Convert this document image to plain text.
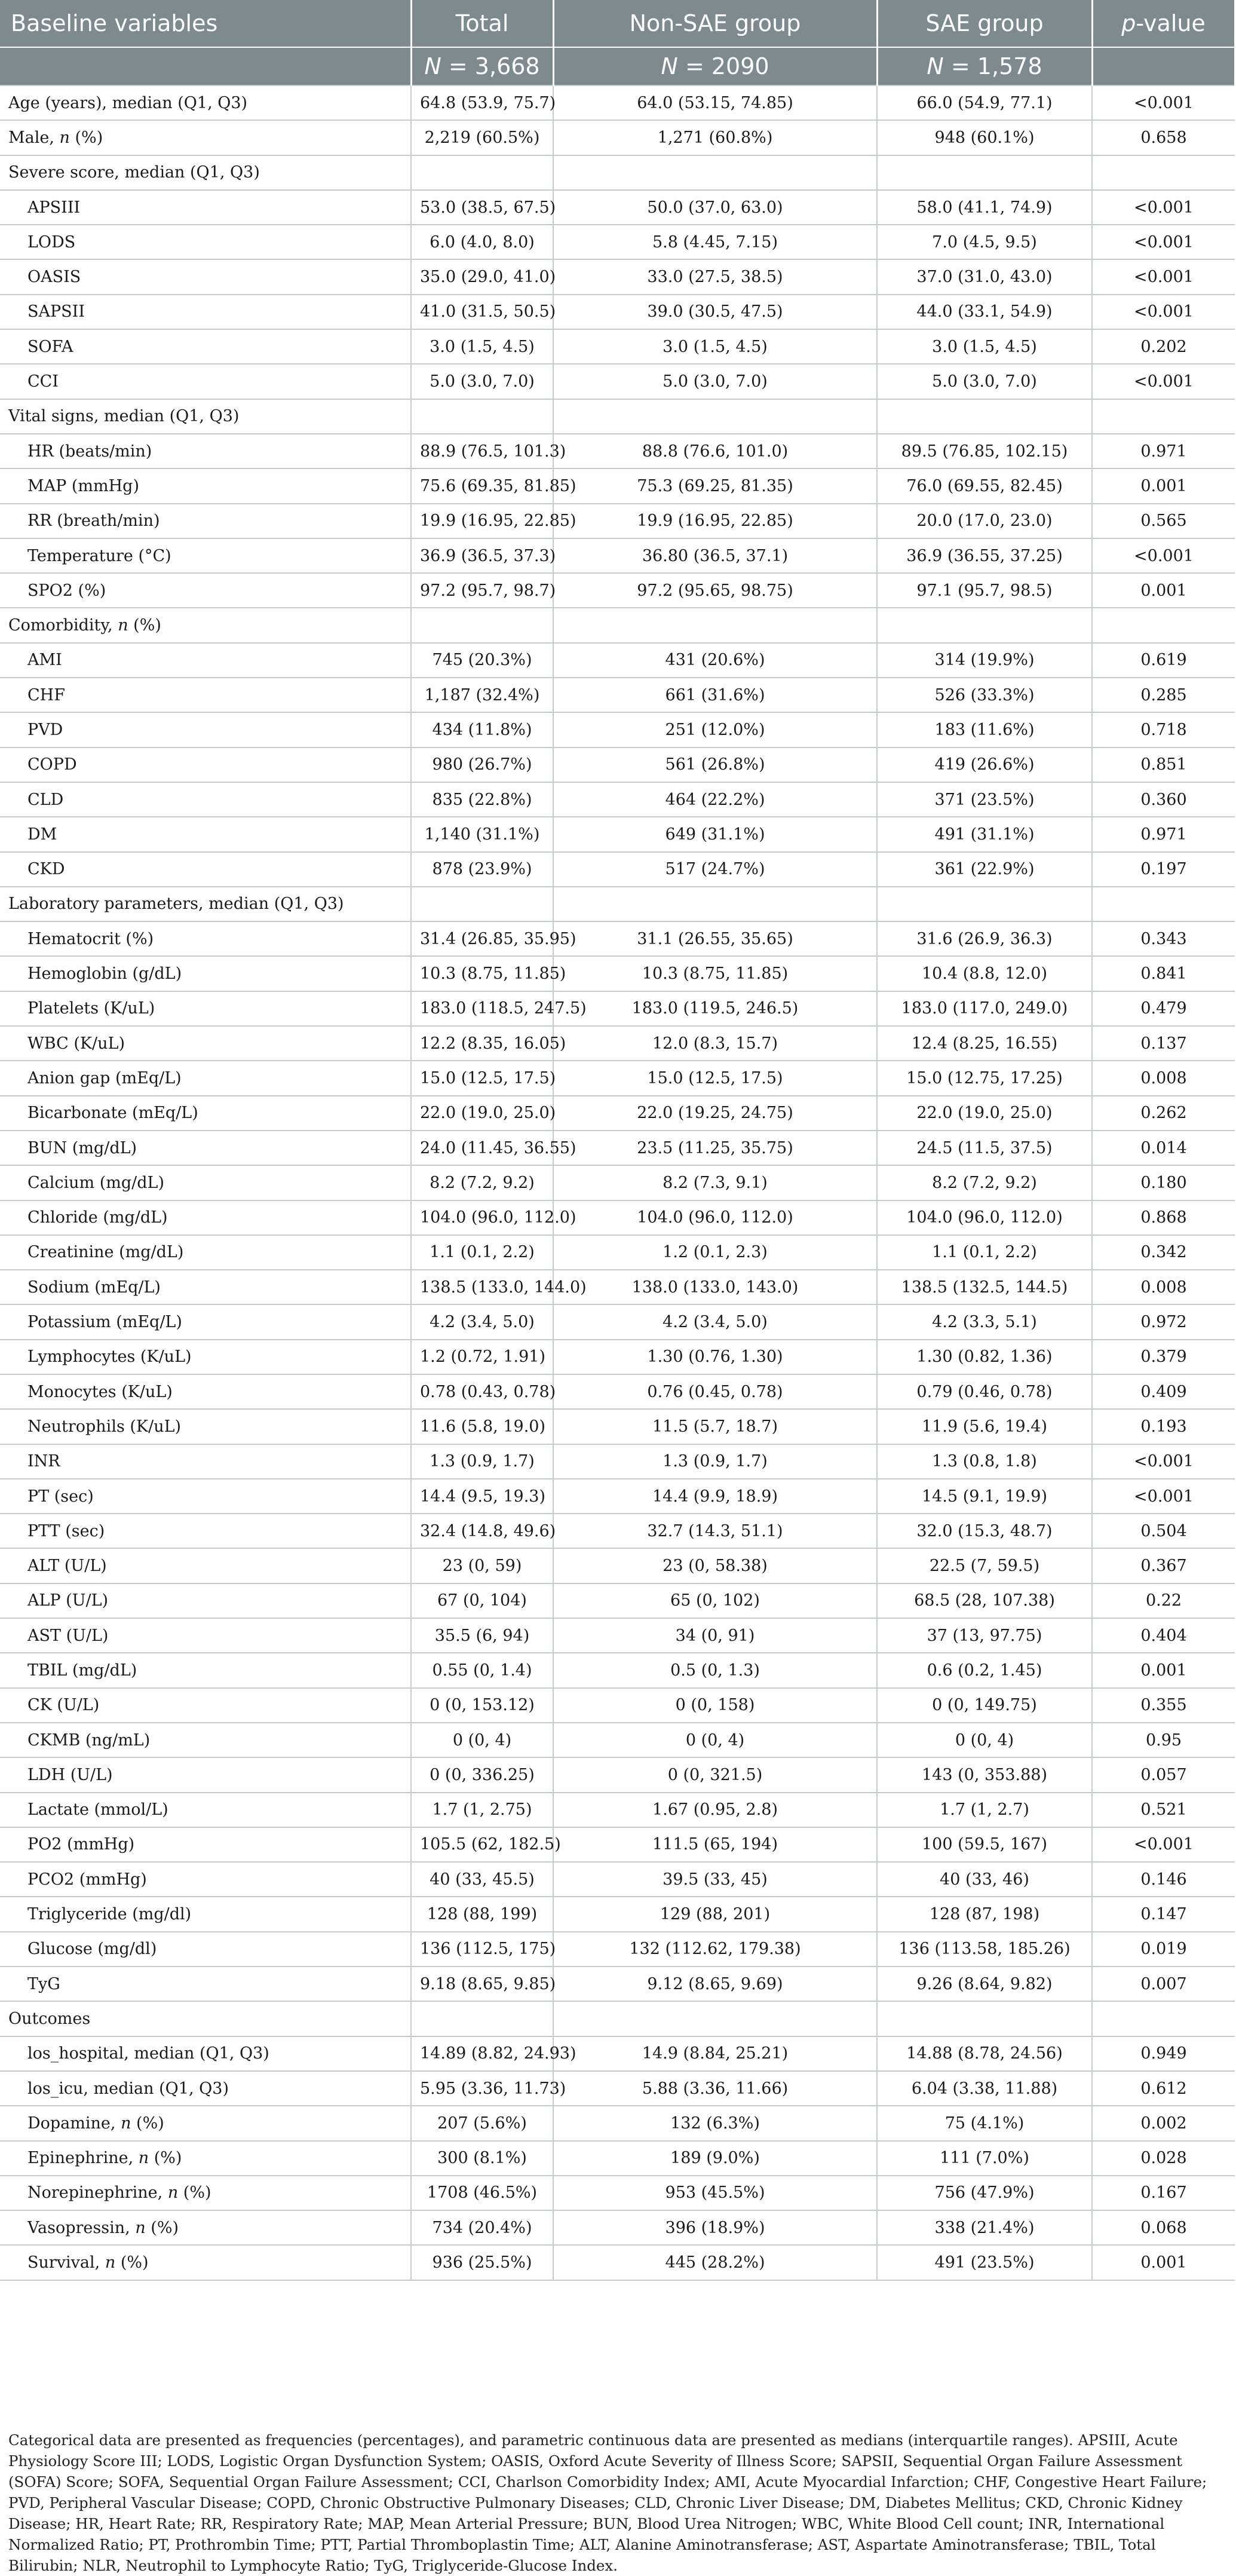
Baseline variables	Total	Non-SAE group	SAE group	p-value
	N = 3,668	N = 2090	N = 1,578	
Age (years), median (Q1, Q3)	64.8 (53.9, 75.7)	64.0 (53.15, 74.85)	66.0 (54.9, 77.1)	<0.001
Male, n (%)	2,219 (60.5%)	1,271 (60.8%)	948 (60.1%)	0.658
Severe score, median (Q1, Q3)				
APSIII	53.0 (38.5, 67.5)	50.0 (37.0, 63.0)	58.0 (41.1, 74.9)	<0.001
LODS	6.0 (4.0, 8.0)	5.8 (4.45, 7.15)	7.0 (4.5, 9.5)	<0.001
OASIS	35.0 (29.0, 41.0)	33.0 (27.5, 38.5)	37.0 (31.0, 43.0)	<0.001
SAPSII	41.0 (31.5, 50.5)	39.0 (30.5, 47.5)	44.0 (33.1, 54.9)	<0.001
SOFA	3.0 (1.5, 4.5)	3.0 (1.5, 4.5)	3.0 (1.5, 4.5)	0.202
CCI	5.0 (3.0, 7.0)	5.0 (3.0, 7.0)	5.0 (3.0, 7.0)	<0.001
Vital signs, median (Q1, Q3)				
HR (beats/min)	88.9 (76.5, 101.3)	88.8 (76.6, 101.0)	89.5 (76.85, 102.15)	0.971
MAP (mmHg)	75.6 (69.35, 81.85)	75.3 (69.25, 81.35)	76.0 (69.55, 82.45)	0.001
RR (breath/min)	19.9 (16.95, 22.85)	19.9 (16.95, 22.85)	20.0 (17.0, 23.0)	0.565
Temperature (°C)	36.9 (36.5, 37.3)	36.80 (36.5, 37.1)	36.9 (36.55, 37.25)	<0.001
SPO2 (%)	97.2 (95.7, 98.7)	97.2 (95.65, 98.75)	97.1 (95.7, 98.5)	0.001
Comorbidity, n (%)				
AMI	745 (20.3%)	431 (20.6%)	314 (19.9%)	0.619
CHF	1,187 (32.4%)	661 (31.6%)	526 (33.3%)	0.285
PVD	434 (11.8%)	251 (12.0%)	183 (11.6%)	0.718
COPD	980 (26.7%)	561 (26.8%)	419 (26.6%)	0.851
CLD	835 (22.8%)	464 (22.2%)	371 (23.5%)	0.360
DM	1,140 (31.1%)	649 (31.1%)	491 (31.1%)	0.971
CKD	878 (23.9%)	517 (24.7%)	361 (22.9%)	0.197
Laboratory parameters, median (Q1, Q3)				
Hematocrit (%)	31.4 (26.85, 35.95)	31.1 (26.55, 35.65)	31.6 (26.9, 36.3)	0.343
Hemoglobin (g/dL)	10.3 (8.75, 11.85)	10.3 (8.75, 11.85)	10.4 (8.8, 12.0)	0.841
Platelets (K/uL)	183.0 (118.5, 247.5)	183.0 (119.5, 246.5)	183.0 (117.0, 249.0)	0.479
WBC (K/uL)	12.2 (8.35, 16.05)	12.0 (8.3, 15.7)	12.4 (8.25, 16.55)	0.137
Anion gap (mEq/L)	15.0 (12.5, 17.5)	15.0 (12.5, 17.5)	15.0 (12.75, 17.25)	0.008
Bicarbonate (mEq/L)	22.0 (19.0, 25.0)	22.0 (19.25, 24.75)	22.0 (19.0, 25.0)	0.262
BUN (mg/dL)	24.0 (11.45, 36.55)	23.5 (11.25, 35.75)	24.5 (11.5, 37.5)	0.014
Calcium (mg/dL)	8.2 (7.2, 9.2)	8.2 (7.3, 9.1)	8.2 (7.2, 9.2)	0.180
Chloride (mg/dL)	104.0 (96.0, 112.0)	104.0 (96.0, 112.0)	104.0 (96.0, 112.0)	0.868
Creatinine (mg/dL)	1.1 (0.1, 2.2)	1.2 (0.1, 2.3)	1.1 (0.1, 2.2)	0.342
Sodium (mEq/L)	138.5 (133.0, 144.0)	138.0 (133.0, 143.0)	138.5 (132.5, 144.5)	0.008
Potassium (mEq/L)	4.2 (3.4, 5.0)	4.2 (3.4, 5.0)	4.2 (3.3, 5.1)	0.972
Lymphocytes (K/uL)	1.2 (0.72, 1.91)	1.30 (0.76, 1.30)	1.30 (0.82, 1.36)	0.379
Monocytes (K/uL)	0.78 (0.43, 0.78)	0.76 (0.45, 0.78)	0.79 (0.46, 0.78)	0.409
Neutrophils (K/uL)	11.6 (5.8, 19.0)	11.5 (5.7, 18.7)	11.9 (5.6, 19.4)	0.193
INR	1.3 (0.9, 1.7)	1.3 (0.9, 1.7)	1.3 (0.8, 1.8)	<0.001
PT (sec)	14.4 (9.5, 19.3)	14.4 (9.9, 18.9)	14.5 (9.1, 19.9)	<0.001
PTT (sec)	32.4 (14.8, 49.6)	32.7 (14.3, 51.1)	32.0 (15.3, 48.7)	0.504
ALT (U/L)	23 (0, 59)	23 (0, 58.38)	22.5 (7, 59.5)	0.367
ALP (U/L)	67 (0, 104)	65 (0, 102)	68.5 (28, 107.38)	0.22
AST (U/L)	35.5 (6, 94)	34 (0, 91)	37 (13, 97.75)	0.404
TBIL (mg/dL)	0.55 (0, 1.4)	0.5 (0, 1.3)	0.6 (0.2, 1.45)	0.001
CK (U/L)	0 (0, 153.12)	0 (0, 158)	0 (0, 149.75)	0.355
CKMB (ng/mL)	0 (0, 4)	0 (0, 4)	0 (0, 4)	0.95
LDH (U/L)	0 (0, 336.25)	0 (0, 321.5)	143 (0, 353.88)	0.057
Lactate (mmol/L)	1.7 (1, 2.75)	1.67 (0.95, 2.8)	1.7 (1, 2.7)	0.521
PO2 (mmHg)	105.5 (62, 182.5)	111.5 (65, 194)	100 (59.5, 167)	<0.001
PCO2 (mmHg)	40 (33, 45.5)	39.5 (33, 45)	40 (33, 46)	0.146
Triglyceride (mg/dl)	128 (88, 199)	129 (88, 201)	128 (87, 198)	0.147
Glucose (mg/dl)	136 (112.5, 175)	132 (112.62, 179.38)	136 (113.58, 185.26)	0.019
TyG	9.18 (8.65, 9.85)	9.12 (8.65, 9.69)	9.26 (8.64, 9.82)	0.007
Outcomes				
los_hospital, median (Q1, Q3)	14.89 (8.82, 24.93)	14.9 (8.84, 25.21)	14.88 (8.78, 24.56)	0.949
los_icu, median (Q1, Q3)	5.95 (3.36, 11.73)	5.88 (3.36, 11.66)	6.04 (3.38, 11.88)	0.612
Dopamine, n (%)	207 (5.6%)	132 (6.3%)	75 (4.1%)	0.002
Epinephrine, n (%)	300 (8.1%)	189 (9.0%)	111 (7.0%)	0.028
Norepinephrine, n (%)	1708 (46.5%)	953 (45.5%)	756 (47.9%)	0.167
Vasopressin, n (%)	734 (20.4%)	396 (18.9%)	338 (21.4%)	0.068
Survival, n (%)	936 (25.5%)	445 (28.2%)	491 (23.5%)	0.001

Categorical data are presented as frequencies (percentages), and parametric continuous data are presented as medians (interquartile ranges). APSIII, Acute Physiology Score III; LODS, Logistic Organ Dysfunction System; OASIS, Oxford Acute Severity of Illness Score; SAPSII, Sequential Organ Failure Assessment (SOFA) Score; SOFA, Sequential Organ Failure Assessment; CCI, Charlson Comorbidity Index; AMI, Acute Myocardial Infarction; CHF, Congestive Heart Failure; PVD, Peripheral Vascular Disease; COPD, Chronic Obstructive Pulmonary Diseases; CLD, Chronic Liver Disease; DM, Diabetes Mellitus; CKD, Chronic Kidney Disease; HR, Heart Rate; RR, Respiratory Rate; MAP, Mean Arterial Pressure; BUN, Blood Urea Nitrogen; WBC, White Blood Cell count; INR, International Normalized Ratio; PT, Prothrombin Time; PTT, Partial Thromboplastin Time; ALT, Alanine Aminotransferase; AST, Aspartate Aminotransferase; TBIL, Total Bilirubin; NLR, Neutrophil to Lymphocyte Ratio; TyG, Triglyceride-Glucose Index.
